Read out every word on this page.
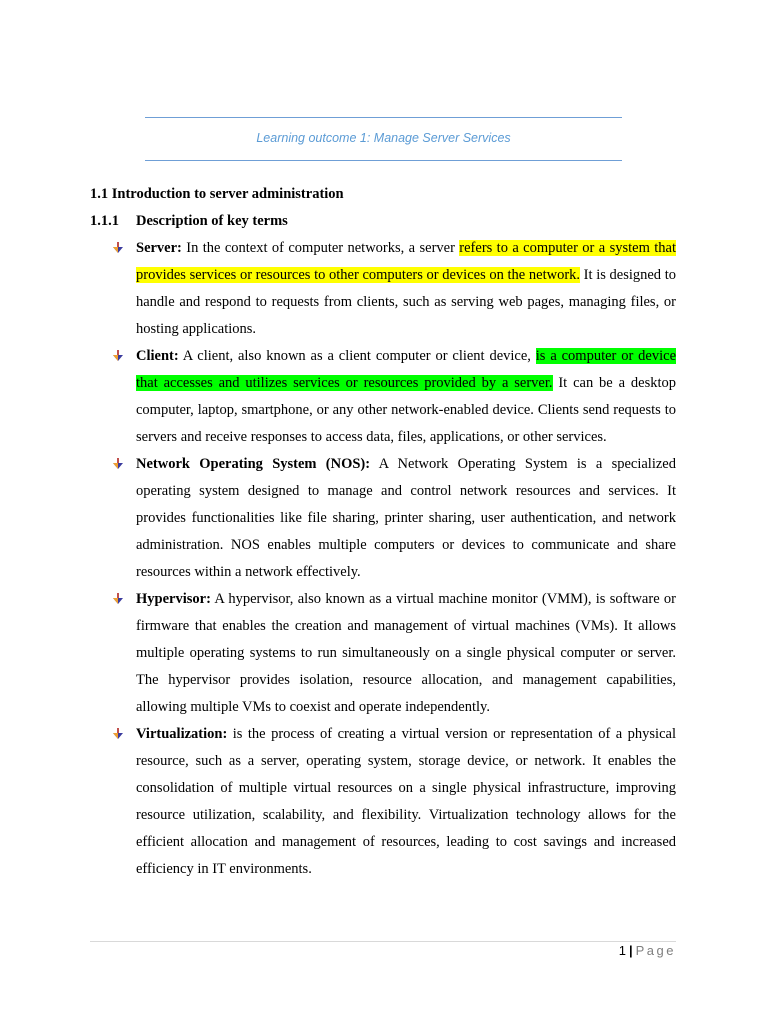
Learning outcome 1: Manage Server Services
1.1 Introduction to server administration
1.1.1 Description of key terms
Server: In the context of computer networks, a server refers to a computer or a system that provides services or resources to other computers or devices on the network. It is designed to handle and respond to requests from clients, such as serving web pages, managing files, or hosting applications.
Client: A client, also known as a client computer or client device, is a computer or device that accesses and utilizes services or resources provided by a server. It can be a desktop computer, laptop, smartphone, or any other network-enabled device. Clients send requests to servers and receive responses to access data, files, applications, or other services.
Network Operating System (NOS): A Network Operating System is a specialized operating system designed to manage and control network resources and services. It provides functionalities like file sharing, printer sharing, user authentication, and network administration. NOS enables multiple computers or devices to communicate and share resources within a network effectively.
Hypervisor: A hypervisor, also known as a virtual machine monitor (VMM), is software or firmware that enables the creation and management of virtual machines (VMs). It allows multiple operating systems to run simultaneously on a single physical computer or server. The hypervisor provides isolation, resource allocation, and management capabilities, allowing multiple VMs to coexist and operate independently.
Virtualization: is the process of creating a virtual version or representation of a physical resource, such as a server, operating system, storage device, or network. It enables the consolidation of multiple virtual resources on a single physical infrastructure, improving resource utilization, scalability, and flexibility. Virtualization technology allows for the efficient allocation and management of resources, leading to cost savings and increased efficiency in IT environments.
1 | Page
